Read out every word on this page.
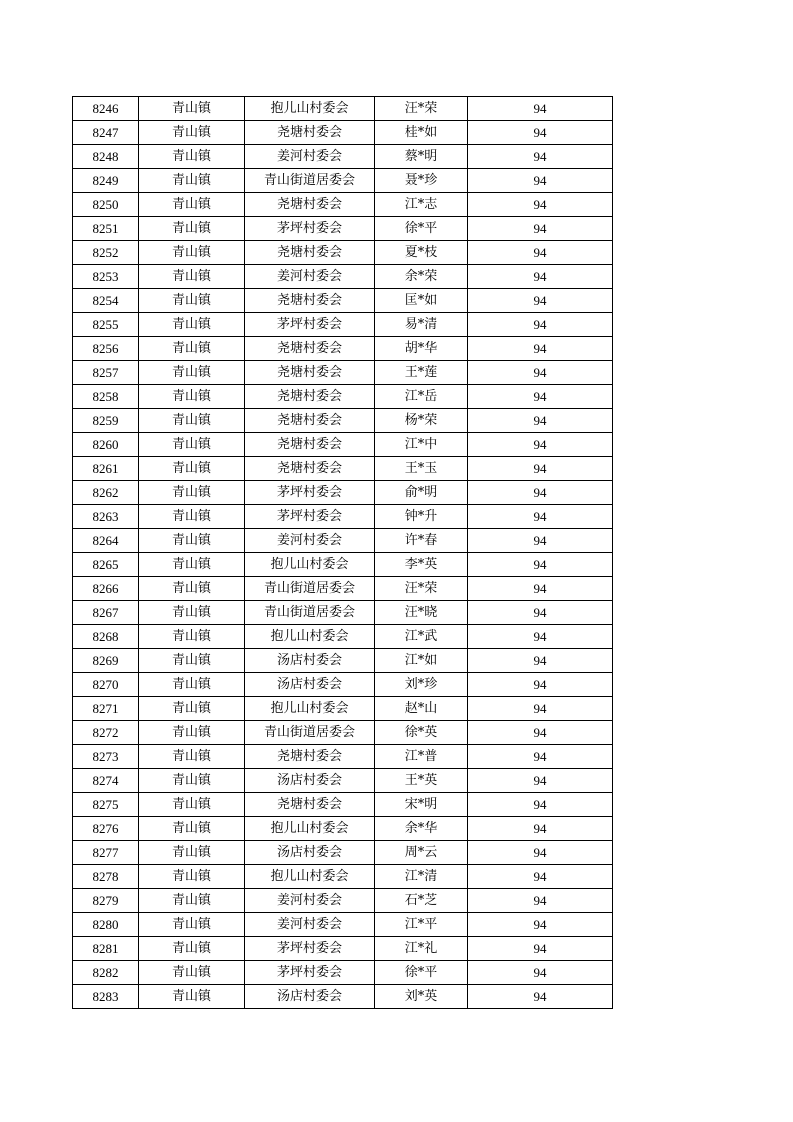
8246	青山镇	抱儿山村委会	汪*荣	94
8247	青山镇	尧塘村委会	桂*如	94
8248	青山镇	姜河村委会	蔡*明	94
8249	青山镇	青山街道居委会	聂*珍	94
8250	青山镇	尧塘村委会	江*志	94
8251	青山镇	茅坪村委会	徐*平	94
8252	青山镇	尧塘村委会	夏*枝	94
8253	青山镇	姜河村委会	余*荣	94
8254	青山镇	尧塘村委会	匡*如	94
8255	青山镇	茅坪村委会	易*清	94
8256	青山镇	尧塘村委会	胡*华	94
8257	青山镇	尧塘村委会	王*莲	94
8258	青山镇	尧塘村委会	江*岳	94
8259	青山镇	尧塘村委会	杨*荣	94
8260	青山镇	尧塘村委会	江*中	94
8261	青山镇	尧塘村委会	王*玉	94
8262	青山镇	茅坪村委会	俞*明	94
8263	青山镇	茅坪村委会	钟*升	94
8264	青山镇	姜河村委会	许*春	94
8265	青山镇	抱儿山村委会	李*英	94
8266	青山镇	青山街道居委会	汪*荣	94
8267	青山镇	青山街道居委会	汪*晓	94
8268	青山镇	抱儿山村委会	江*武	94
8269	青山镇	汤店村委会	江*如	94
8270	青山镇	汤店村委会	刘*珍	94
8271	青山镇	抱儿山村委会	赵*山	94
8272	青山镇	青山街道居委会	徐*英	94
8273	青山镇	尧塘村委会	江*普	94
8274	青山镇	汤店村委会	王*英	94
8275	青山镇	尧塘村委会	宋*明	94
8276	青山镇	抱儿山村委会	余*华	94
8277	青山镇	汤店村委会	周*云	94
8278	青山镇	抱儿山村委会	江*清	94
8279	青山镇	姜河村委会	石*芝	94
8280	青山镇	姜河村委会	江*平	94
8281	青山镇	茅坪村委会	江*礼	94
8282	青山镇	茅坪村委会	徐*平	94
8283	青山镇	汤店村委会	刘*英	94
